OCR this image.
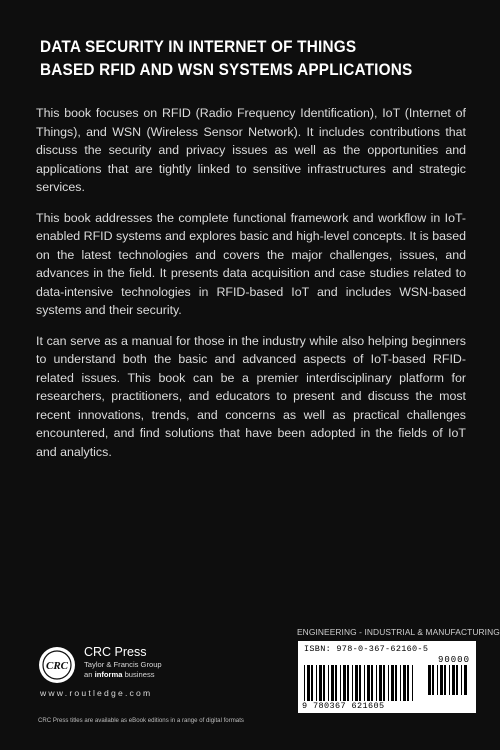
DATA SECURITY IN INTERNET OF THINGS
BASED RFID AND WSN SYSTEMS APPLICATIONS

This book focuses on RFID (Radio Frequency Identification), IoT (Internet of Things), and WSN (Wireless Sensor Network). It includes contributions that discuss the security and privacy issues as well as the opportunities and applications that are tightly linked to sensitive infrastructures and strategic services.

This book addresses the complete functional framework and workflow in IoT-enabled RFID systems and explores basic and high-level concepts. It is based on the latest technologies and covers the major challenges, issues, and advances in the field. It presents data acquisition and case studies related to data-intensive technologies in RFID-based IoT and includes WSN-based systems and their security.

It can serve as a manual for those in the industry while also helping beginners to understand both the basic and advanced aspects of IoT-based RFID-related issues. This book can be a premier interdisciplinary platform for researchers, practitioners, and educators to present and discuss the most recent innovations, trends, and concerns as well as practical challenges encountered, and find solutions that have been adopted in the fields of IoT and analytics.

CRC
CRC Press
Taylor & Francis Group
an informa business
www.routledge.com
CRC Press titles are available as eBook editions in a range of digital formats
ENGINEERING - INDUSTRIAL & MANUFACTURING
ISBN: 978-0-367-62160-5
90000
9 780367 621605
